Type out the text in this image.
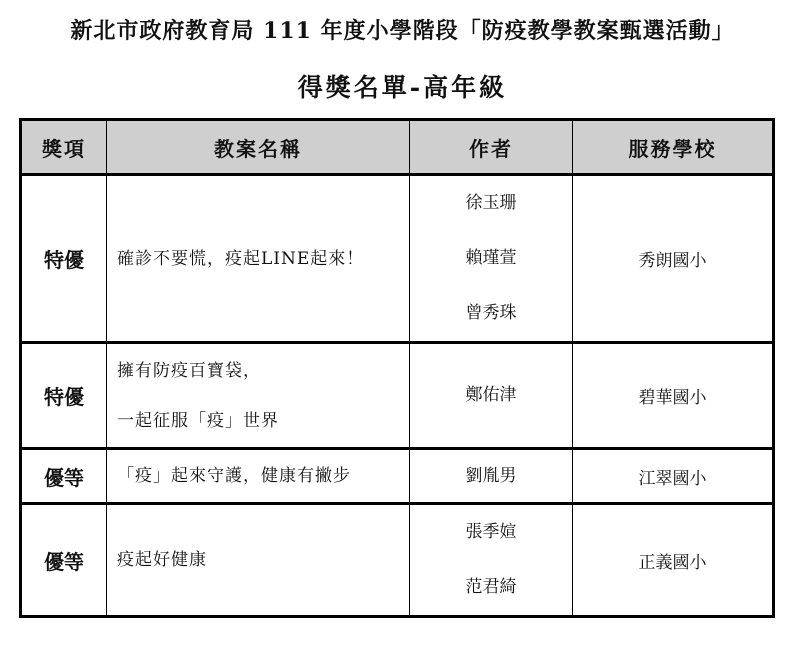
新北市政府教育局 111 年度小學階段「防疫教學教案甄選活動」
得獎名單-高年級
獎項	教案名稱	作者	服務學校
特優	確診不要慌，疫起LINE起來！	徐玉珊
賴瑾萱
曾秀珠	秀朗國小
特優	擁有防疫百寶袋，
一起征服「疫」世界	鄭佑津	碧華國小
優等	「疫」起來守護，健康有撇步	劉胤男	江翠國小
優等	疫起好健康	張季媗
范君綺	正義國小
